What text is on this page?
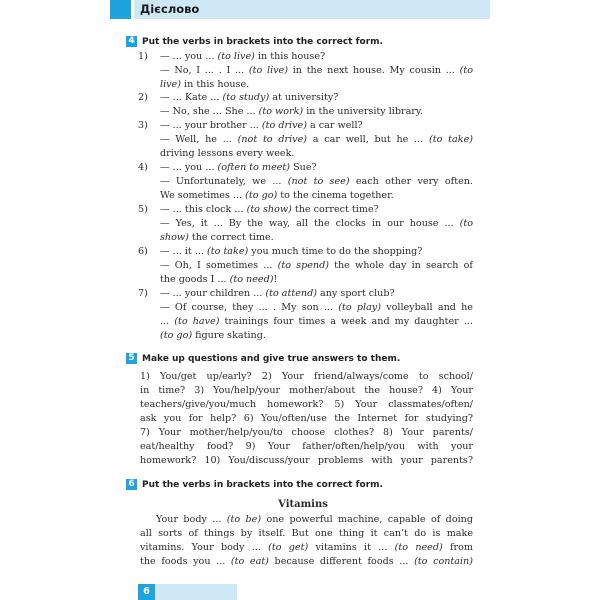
Дієслово
4 Put the verbs in brackets into the correct form.
1)
2)
3)
4)
5)
6)
7)
— ... you ... (to live) in this house?
— No, I ... . I ... (to live) in the next house. My cousin ... (to
live) in this house.
— ... Kate ... (to study) at university?
— No, she ... She ... (to work) in the university library.
— ... your brother ... (to drive) a car well?
— Well, he ... (not to drive) a car well, but he ... (to take)
driving lessons every week.
— ... you ... (often to meet) Sue?
— Unfortunately, we ... (not to see) each other very often.
We sometimes ... (to go) to the cinema together.
— ... this clock ... (to show) the correct time?
— Yes, it ... By the way, all the clocks in our house ... (to
show) the correct time.
— ... it ... (to take) you much time to do the shopping?
— Oh, I sometimes ... (to spend) the whole day in search of
the goods I ... (to need)!
— ... your children ... (to attend) any sport club?
— Of course, they ... . My son ... (to play) volleyball and he
... (to have) trainings four times a week and my daughter ...
(to go) figure skating.
5 Make up questions and give true answers to them.
1) You/get up/early? 2) Your friend/always/come to school/
in time? 3) You/help/your mother/about the house? 4) Your
teachers/give/you/much homework? 5) Your classmates/often/
ask you for help? 6) You/often/use the Internet for studying?
7) Your mother/help/you/to choose clothes? 8) Your parents/
eat/healthy food? 9) Your father/often/help/you with your
homework? 10) You/discuss/your problems with your parents?
6 Put the verbs in brackets into the correct form.
Vitamins
Your body ... (to be) one powerful machine, capable of doing
all sorts of things by itself. But one thing it can’t do is make
vitamins. Your body ... (to get) vitamins it ... (to need) from
the foods you ... (to eat) because different foods ... (to contain)
6
